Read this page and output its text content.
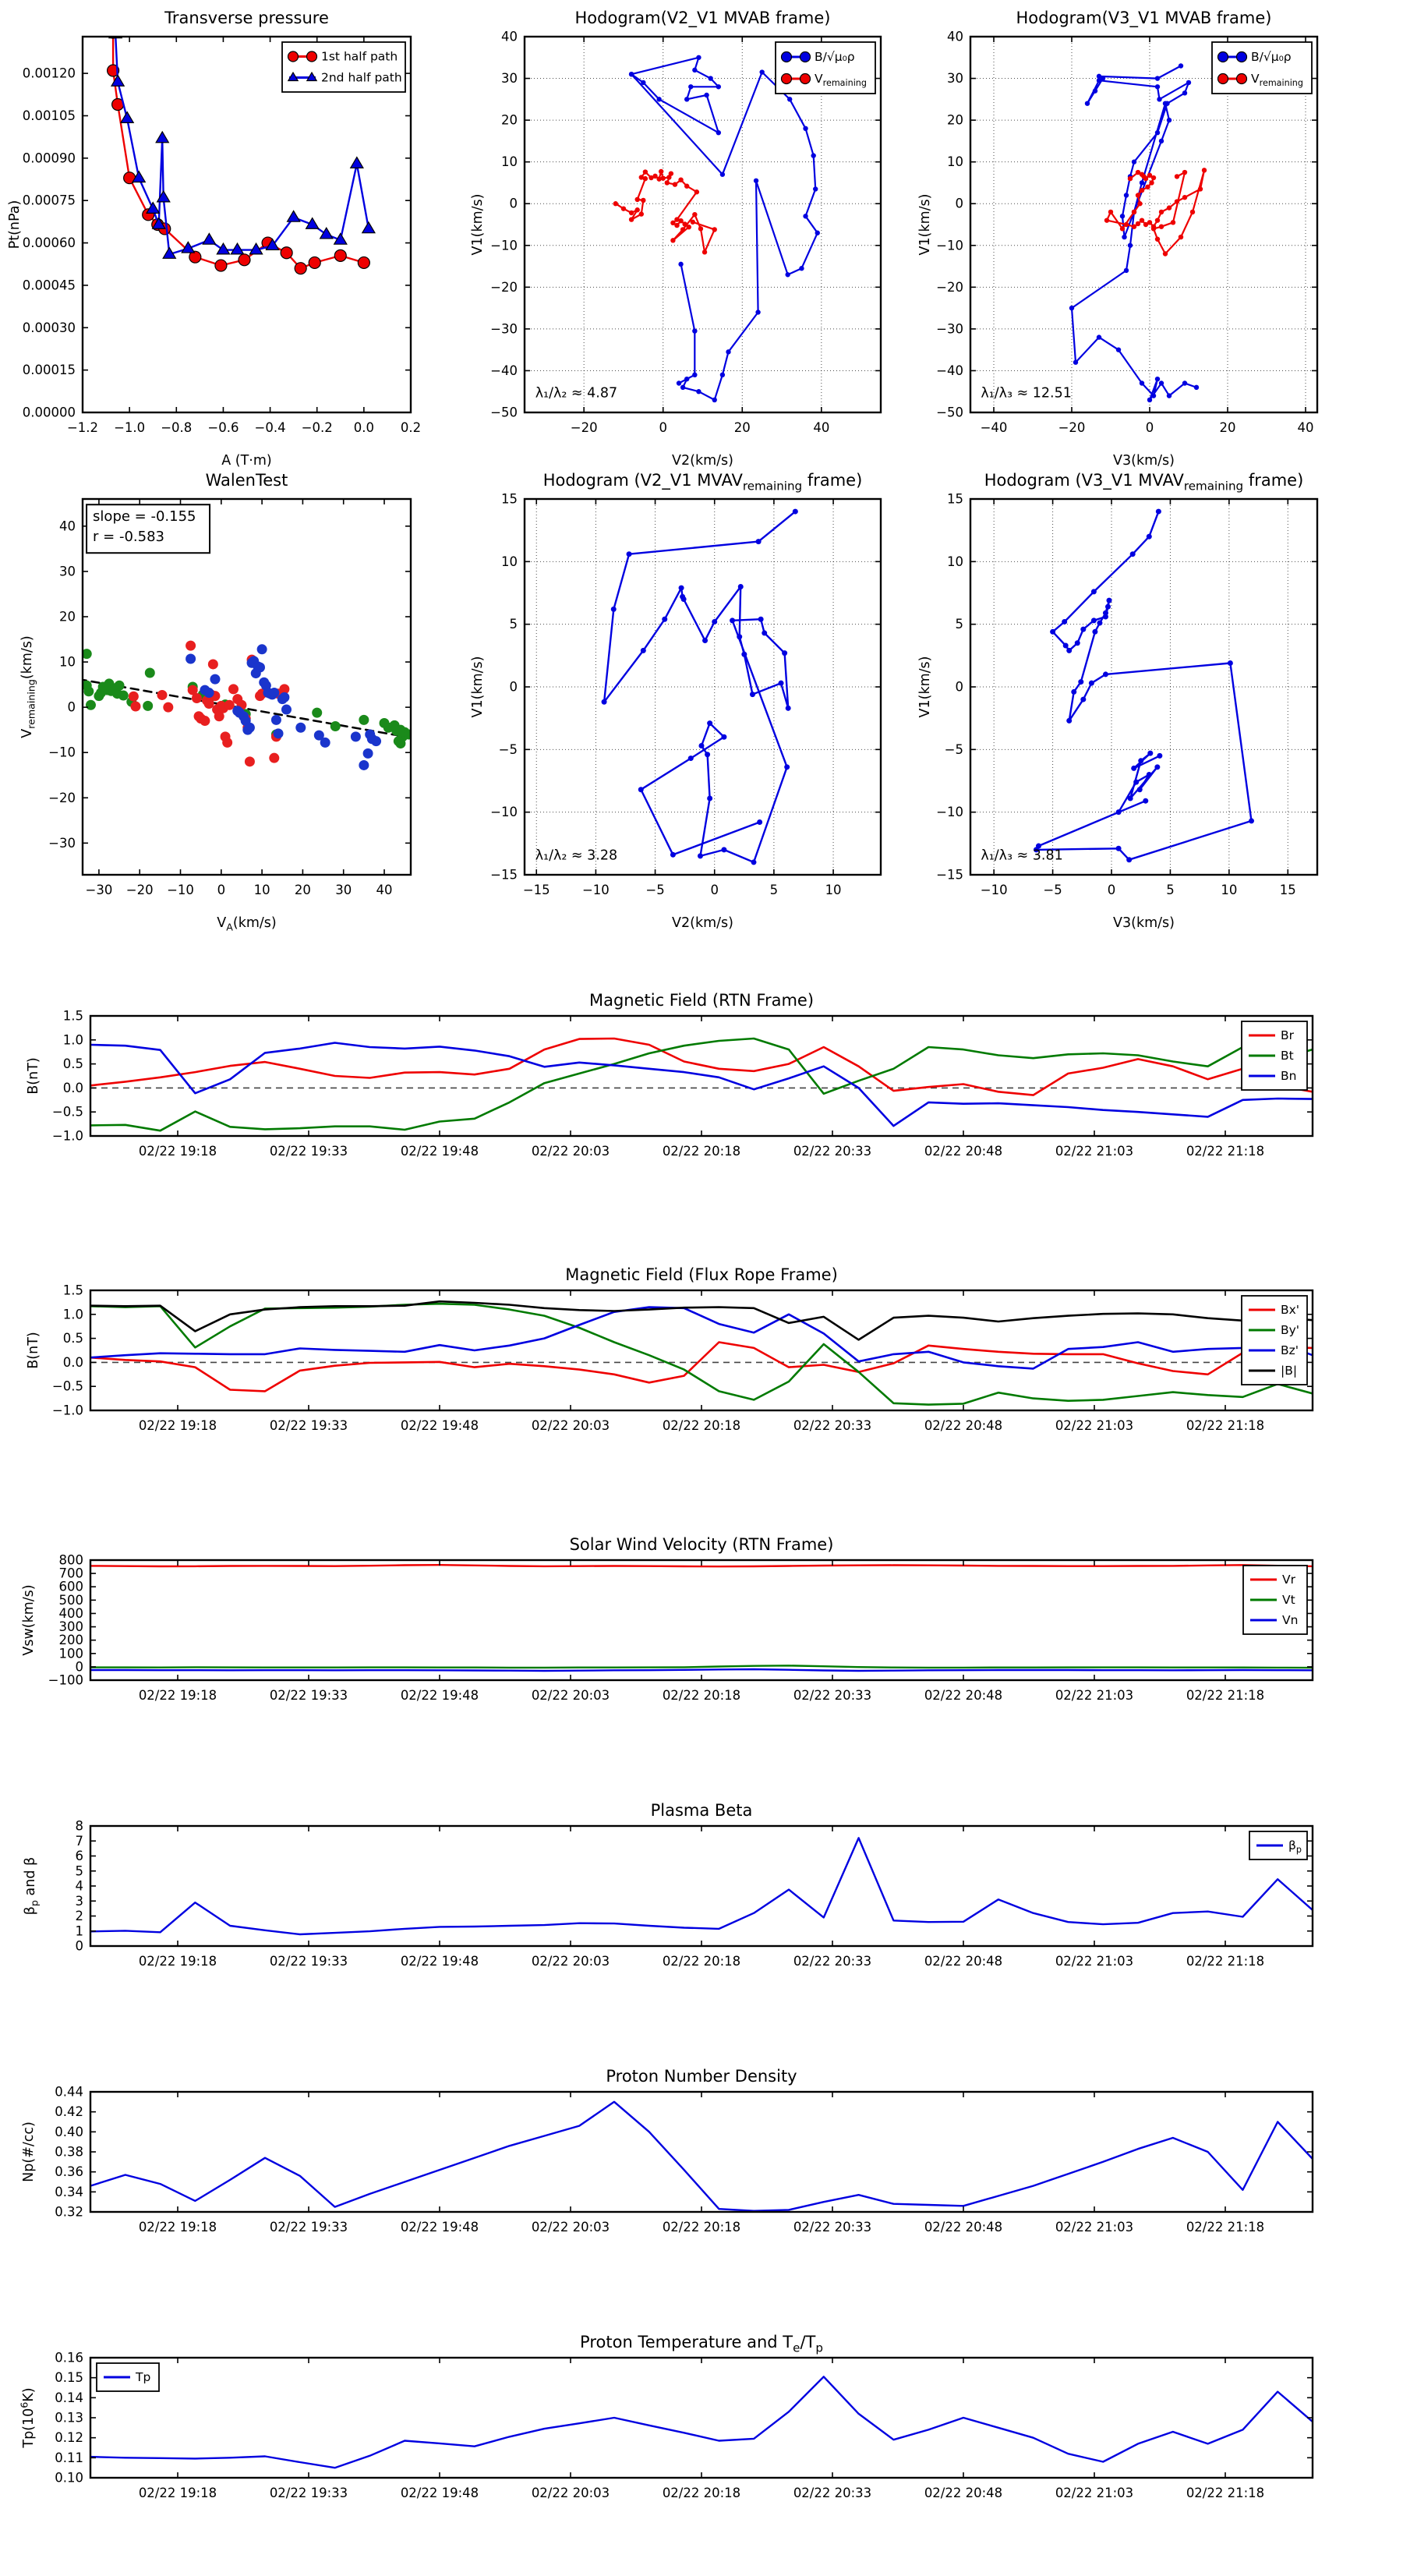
−1.2 −1.0 −0.8 −0.6 −0.4 −0.2 0.0 0.2
0.00000
0.00015
0.00030
0.00045
0.00060
0.00075
0.00090
0.00105
0.00120
Transverse pressure
A (T·m)
Pt(nPa)
1st half path
2nd half path
−20	0	20	40
−50
−40
−30
−20
−10
0
10
20
30
40
Hodogram(V2_V1 MVAB frame)
V2(km/s)
V1(km/s)
λ₁/λ₂ ≈ 4.87
B/√μ₀ρ
$V_{remaining}$
−40	−20	0	20	40
−50
−40
−30
−20
−10
0
10
20
30
40
Hodogram(V3_V1 MVAB frame)
V3(km/s)
V1(km/s)
λ₁/λ₃ ≈ 12.51
B/√μ₀ρ
$V_{remaining}$
−30 −20 −10 0 10 20 30 40
−30
−20
−10
0
10
20
30
40
WalenTest
$V_A(km/s)$
$V_{remaining}(km/s)$
slope = -0.155
r = -0.583
−15	−10	−5	0	5	10
−15
−10
−5
0
5
10
15
Hodogram (V2_V1 $MVAV_{remaining}$ frame)
V2(km/s)
V1(km/s)
λ₁/λ₂ ≈ 3.28
−10	−5	0	5	10	15
−15
−10
−5
0
5
10
15
Hodogram (V3_V1 $MVAV_{remaining}$ frame)
V3(km/s)
V1(km/s)
λ₁/λ₃ ≈ 3.81
02/22 19:18	02/22 19:33	02/22 19:48	02/22 20:03	02/22 20:18	02/22 20:33	02/22 20:48	02/22 21:03	02/22 21:18
−1.0
−0.5
0.0
0.5
1.0
1.5
Magnetic Field (RTN Frame)
B(nT)
Br
Bt
Bn
02/22 19:18	02/22 19:33	02/22 19:48	02/22 20:03	02/22 20:18	02/22 20:33	02/22 20:48	02/22 21:03	02/22 21:18
−1.0
−0.5
0.0
0.5
1.0
1.5
Magnetic Field (Flux Rope Frame)
B(nT)
Bx'
By'
Bz'
|B|
02/22 19:18	02/22 19:33	02/22 19:48	02/22 20:03	02/22 20:18	02/22 20:33	02/22 20:48	02/22 21:03	02/22 21:18
−100
0
100
200
300
400
500
600
700
800
Solar Wind Velocity (RTN Frame)
Vsw(km/s)
Vr
Vt
Vn
02/22 19:18	02/22 19:33	02/22 19:48	02/22 20:03	02/22 20:18	02/22 20:33	02/22 20:48	02/22 21:03	02/22 21:18
0
1
2
3
4
5
6
7
8
Plasma Beta
$\beta_p$ and β
$\beta_p$
02/22 19:18	02/22 19:33	02/22 19:48	02/22 20:03	02/22 20:18	02/22 20:33	02/22 20:48	02/22 21:03	02/22 21:18
0.32
0.34
0.36
0.38
0.40
0.42
0.44
Proton Number Density
Np(#/cc)
02/22 19:18	02/22 19:33	02/22 19:48	02/22 20:03	02/22 20:18	02/22 20:33	02/22 20:48	02/22 21:03	02/22 21:18
0.10
0.11
0.12
0.13
0.14
0.15
0.16
Proton Temperature and $T_e/T_p$
$Tp(10^6K)$
Tp
